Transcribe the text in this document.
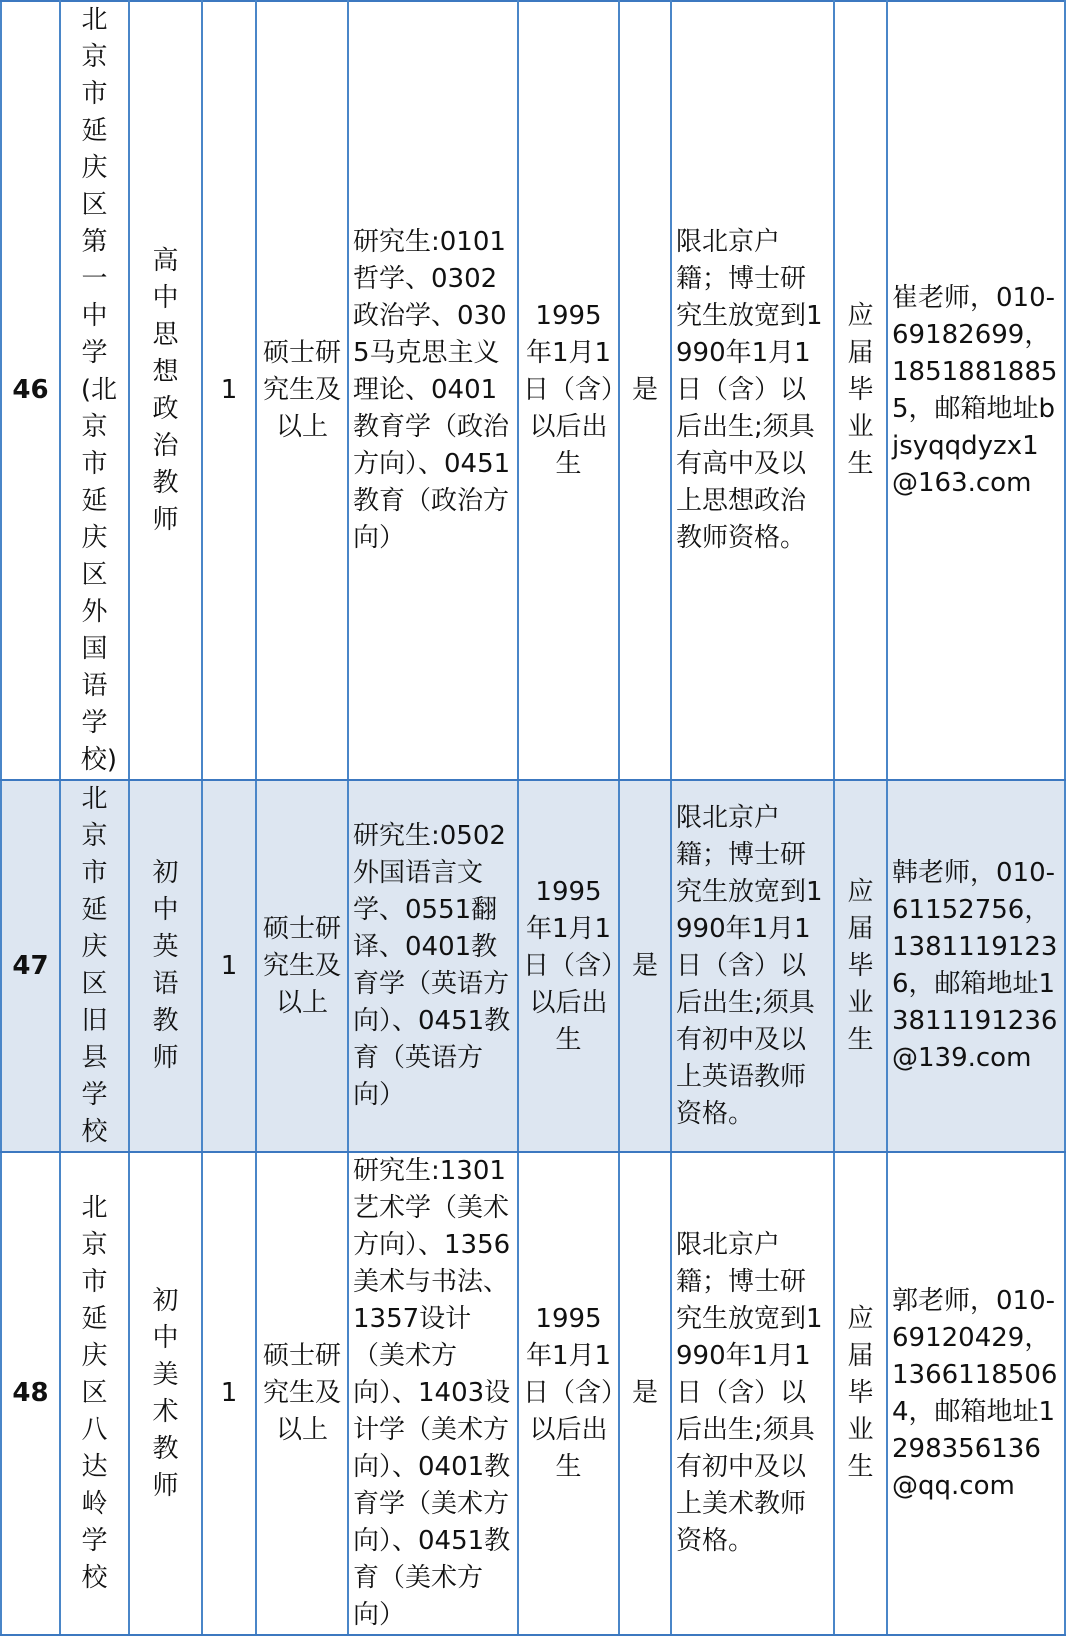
46	北京市延庆区第一中学(北京市延庆区外国语学校)	高中思想政治教师	1	硕士研究生及以上	研究生:0101哲学、0302政治学、0305马克思主义理论、0401教育学（政治方向）、0451教育（政治方向）	1995年1月1日（含）以后出生	是	限北京户籍；博士研究生放宽到1990年1月1日（含）以后出生;须具有高中及以上思想政治教师资格。	应届毕业生	崔老师，010-69182699，18518818855，邮箱地址bjsyqqdyzx1@163.com
47	北京市延庆区旧县学校	初中英语教师	1	硕士研究生及以上	研究生:0502外国语言文学、0551翻译、0401教育学（英语方向）、0451教育（英语方向）	1995年1月1日（含）以后出生	是	限北京户籍；博士研究生放宽到1990年1月1日（含）以后出生;须具有初中及以上英语教师资格。	应届毕业生	韩老师，010-61152756，13811191236，邮箱地址13811191236@139.com
48	北京市延庆区八达岭学校	初中美术教师	1	硕士研究生及以上	研究生:1301艺术学（美术方向）、1356美术与书法、1357设计（美术方向）、1403设计学（美术方向）、0401教育学（美术方向）、0451教育（美术方向）	1995年1月1日（含）以后出生	是	限北京户籍；博士研究生放宽到1990年1月1日（含）以后出生;须具有初中及以上美术教师资格。	应届毕业生	郭老师，010-69120429，13661185064，邮箱地址1298356136@qq.com
